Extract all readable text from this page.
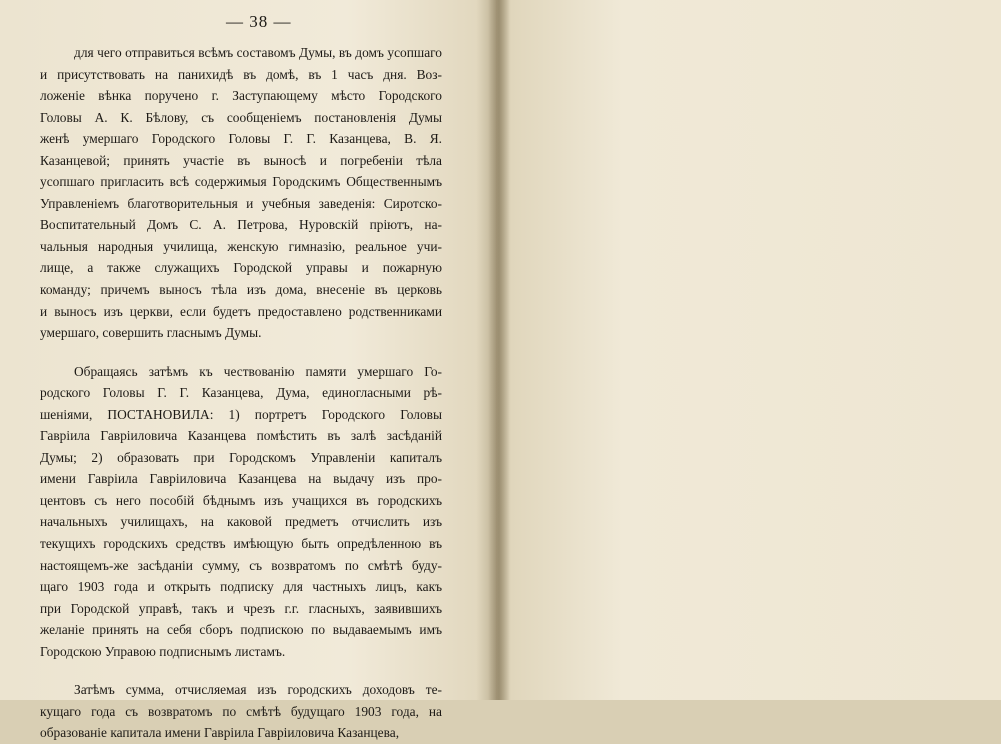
— 38 —
для чего отправиться всѣмъ составомъ Думы, въ домъ усопшаго
и присутствовать на панихидѣ въ домѣ, въ 1 часъ дня. Воз-
ложеніе вѣнка поручено г. Заступающему мѣсто Городского
Головы А. К. Бѣлову, съ сообщеніемъ постановленія Думы
женѣ умершаго Городского Головы Г. Г. Казанцева, В. Я.
Казанцевой; принять участіе въ выносѣ и погребеніи тѣла
усопшаго пригласить всѣ содержимыя Городскимъ Общественнымъ
Управленіемъ благотворительныя и учебныя заведенія: Сиротско-
Воспитательный Домъ С. А. Петрова, Нуровскій пріютъ, на-
чальныя народныя училища, женскую гимназію, реальное учи-
лище, а также служащихъ Городской управы и пожарную
команду; причемъ выносъ тѣла изъ дома, внесеніе въ церковь
и выносъ изъ церкви, если будетъ предоставлено родственниками
умершаго, совершить гласнымъ Думы.
Обращаясь затѣмъ къ чествованію памяти умершаго Го-
родского Головы Г. Г. Казанцева, Дума, единогласными рѣ-
шеніями, ПОСТАНОВИЛА: 1) портретъ Городского Головы
Гавріила Гавріиловича Казанцева помѣстить въ залѣ засѣданій
Думы; 2) образовать при Городскомъ Управленіи капиталъ
имени Гавріила Гавріиловича Казанцева на выдачу изъ про-
центовъ съ него пособій бѣднымъ изъ учащихся въ городскихъ
начальныхъ училищахъ, на каковой предметъ отчислить изъ
текущихъ городскихъ средствъ имѣющую быть опредѣленною въ
настоящемъ-же засѣданіи сумму, съ возвратомъ по смѣтѣ буду-
щаго 1903 года и открыть подписку для частныхъ лицъ, какъ
при Городской управѣ, такъ и чрезъ г.г. гласныхъ, заявившихъ
желаніе принять на себя сборъ подпискою по выдаваемымъ имъ
Городскою Управою подписнымъ листамъ.
Затѣмъ сумма, отчисляемая изъ городскихъ доходовъ те-
кущаго года съ возвратомъ по смѣтѣ будущаго 1903 года, на
образованіе капитала имени Гавріила Гавріиловича Казанцева,
